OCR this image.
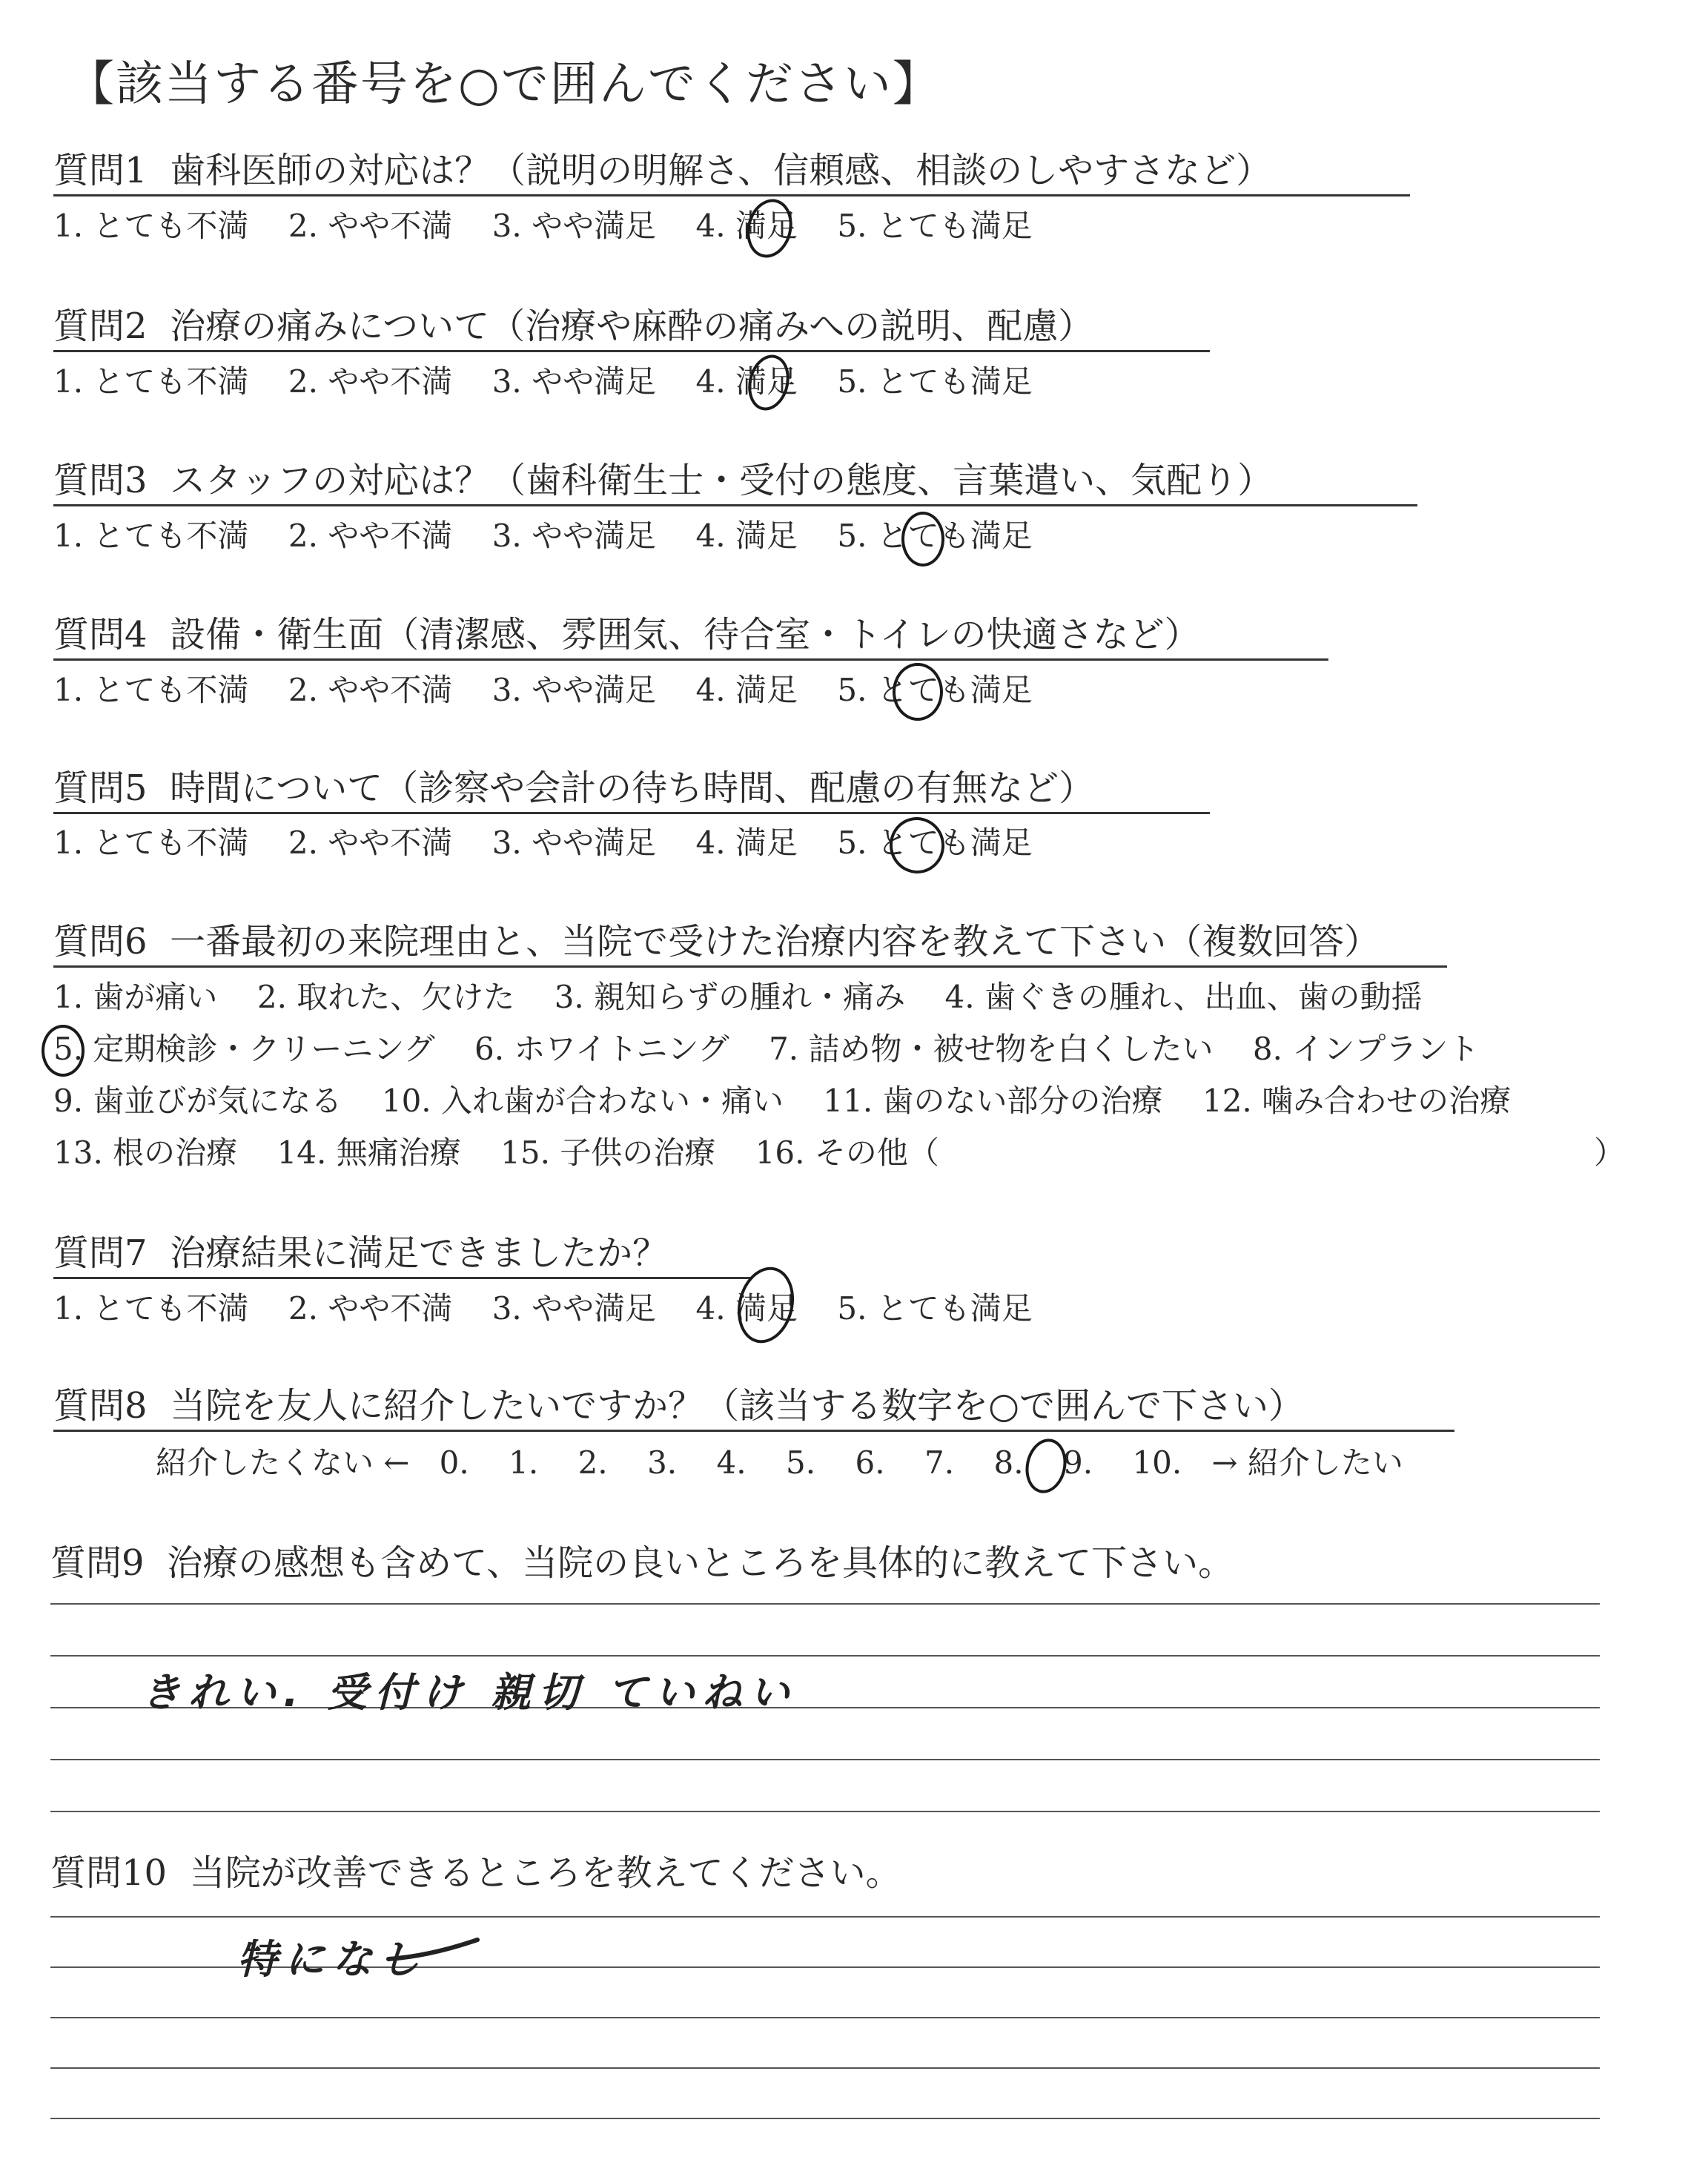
【該当する番号を○で囲んでください】
質問1 歯科医師の対応は？（説明の明解さ、信頼感、相談のしやすさなど）
1. とても不満 2. やや不満 3. やや満足 4. 満足 5. とても満足
質問2 治療の痛みについて（治療や麻酔の痛みへの説明、配慮）
1. とても不満 2. やや不満 3. やや満足 4. 満足 5. とても満足
質問3 スタッフの対応は？（歯科衛生士・受付の態度、言葉遣い、気配り）
1. とても不満 2. やや不満 3. やや満足 4. 満足 5. とても満足
質問4 設備・衛生面（清潔感、雰囲気、待合室・トイレの快適さなど）
1. とても不満 2. やや不満 3. やや満足 4. 満足 5. とても満足
質問5 時間について（診察や会計の待ち時間、配慮の有無など）
1. とても不満 2. やや不満 3. やや満足 4. 満足 5. とても満足
質問6 一番最初の来院理由と、当院で受けた治療内容を教えて下さい（複数回答）
1. 歯が痛い 2. 取れた、欠けた 3. 親知らずの腫れ・痛み 4. 歯ぐきの腫れ、出血、歯の動揺
5. 定期検診・クリーニング 6. ホワイトニング 7. 詰め物・被せ物を白くしたい 8. インプラント
9. 歯並びが気になる 10. 入れ歯が合わない・痛い 11. 歯のない部分の治療 12. 噛み合わせの治療
13. 根の治療 14. 無痛治療 15. 子供の治療 16. その他（	）
質問7 治療結果に満足できましたか？
1. とても不満 2. やや不満 3. やや満足 4. 満足 5. とても満足
質問8 当院を友人に紹介したいですか？（該当する数字を○で囲んで下さい）
紹介したくない ← 0. 1. 2. 3. 4. 5. 6. 7. 8. 9. 10. → 紹介したい
質問9 治療の感想も含めて、当院の良いところを具体的に教えて下さい。
きれい. 受付け 親切 ていねい
質問10 当院が改善できるところを教えてください。
特になし
